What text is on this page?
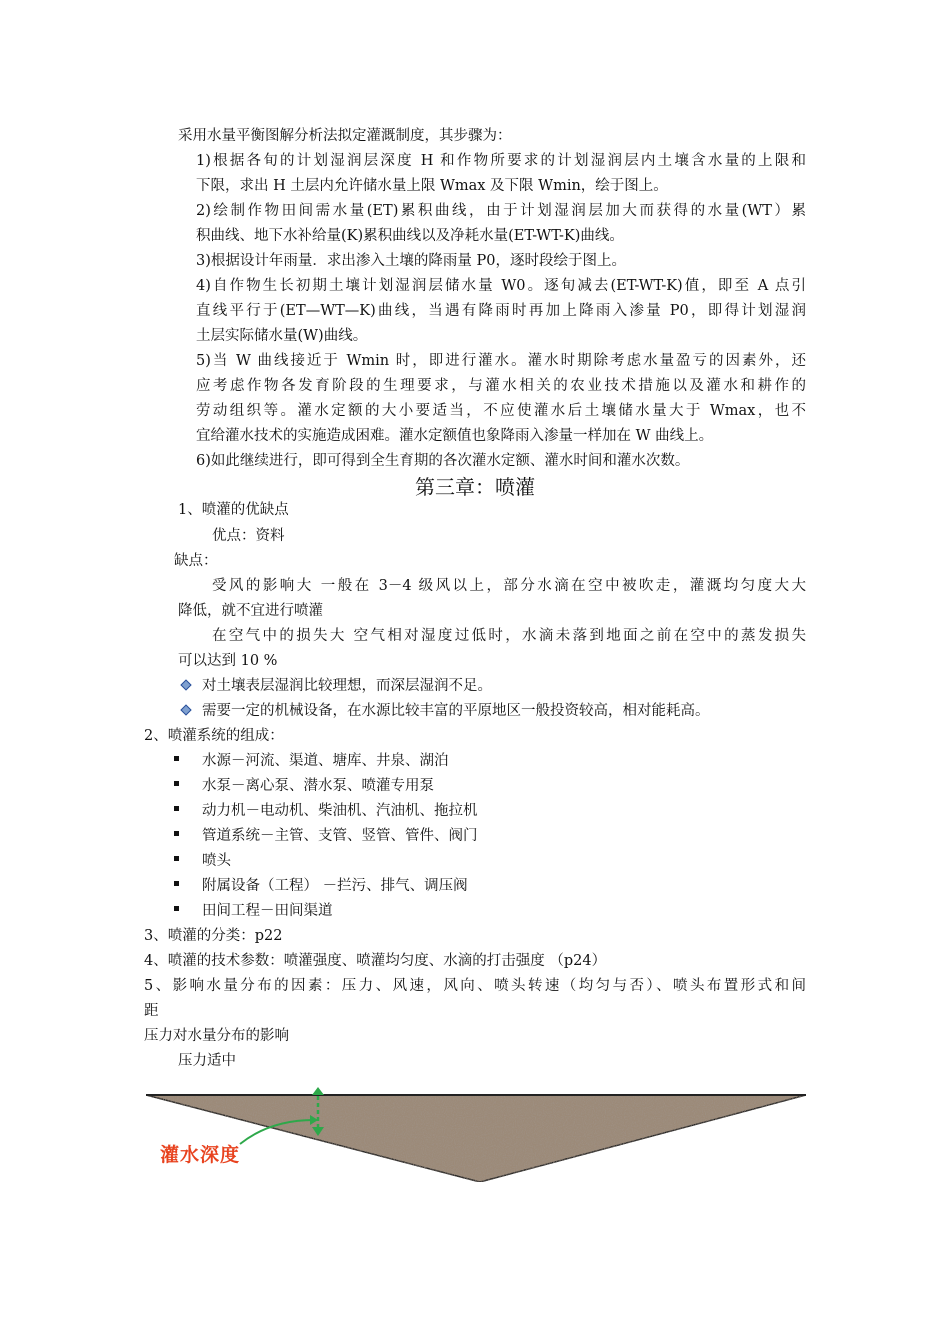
采用水量平衡图解分析法拟定灌溉制度，其步骤为：
1)根据各旬的计划湿润层深度 H 和作物所要求的计划湿润层内土壤含水量的上限和
下限，求出 H 土层内允许储水量上限 Wmax 及下限 Wmin，绘于图上。
2)绘制作物田间需水量(ET)累积曲线，由于计划湿润层加大而获得的水量(WT）累
积曲线、地下水补给量(K)累积曲线以及净耗水量(ET-WT-K)曲线。
3)根据设计年雨量．求出渗入土壤的降雨量 P0，逐时段绘于图上。
4)自作物生长初期土壤计划湿润层储水量 W0。逐旬减去(ET-WT-K)值，即至 A 点引
直线平行于(ET—WT—K)曲线，当遇有降雨时再加上降雨入渗量 P0，即得计划湿润
土层实际储水量(W)曲线。
5)当 W 曲线接近于 Wmin 时，即进行灌水。灌水时期除考虑水量盈亏的因素外，还
应考虑作物各发育阶段的生理要求，与灌水相关的农业技术措施以及灌水和耕作的
劳动组织等。灌水定额的大小要适当，不应使灌水后土壤储水量大于 Wmax，也不
宜给灌水技术的实施造成困难。灌水定额值也象降雨入渗量一样加在 W 曲线上。
6)如此继续进行，即可得到全生育期的各次灌水定额、灌水时间和灌水次数。
第三章：喷灌
1、喷灌的优缺点
优点：资料
缺点：
受风的影响大 一般在 3－4 级风以上，部分水滴在空中被吹走，灌溉均匀度大大
降低，就不宜进行喷灌
在空气中的损失大 空气相对湿度过低时，水滴未落到地面之前在空中的蒸发损失
可以达到 10 %
对土壤表层湿润比较理想，而深层湿润不足。
需要一定的机械设备，在水源比较丰富的平原地区一般投资较高，相对能耗高。
2、喷灌系统的组成：
水源－河流、渠道、塘库、井泉、湖泊
水泵－离心泵、潜水泵、喷灌专用泵
动力机－电动机、柴油机、汽油机、拖拉机
管道系统－主管、支管、竖管、管件、阀门
喷头
附属设备（工程） －拦污、排气、调压阀
田间工程－田间渠道
3、喷灌的分类：p22
4、喷灌的技术参数：喷灌强度、喷灌均匀度、水滴的打击强度 （p24）
5、影响水量分布的因素：压力、风速，风向、喷头转速（均匀与否）、喷头布置形式和间
距
压力对水量分布的影响
压力适中
灌水深度
